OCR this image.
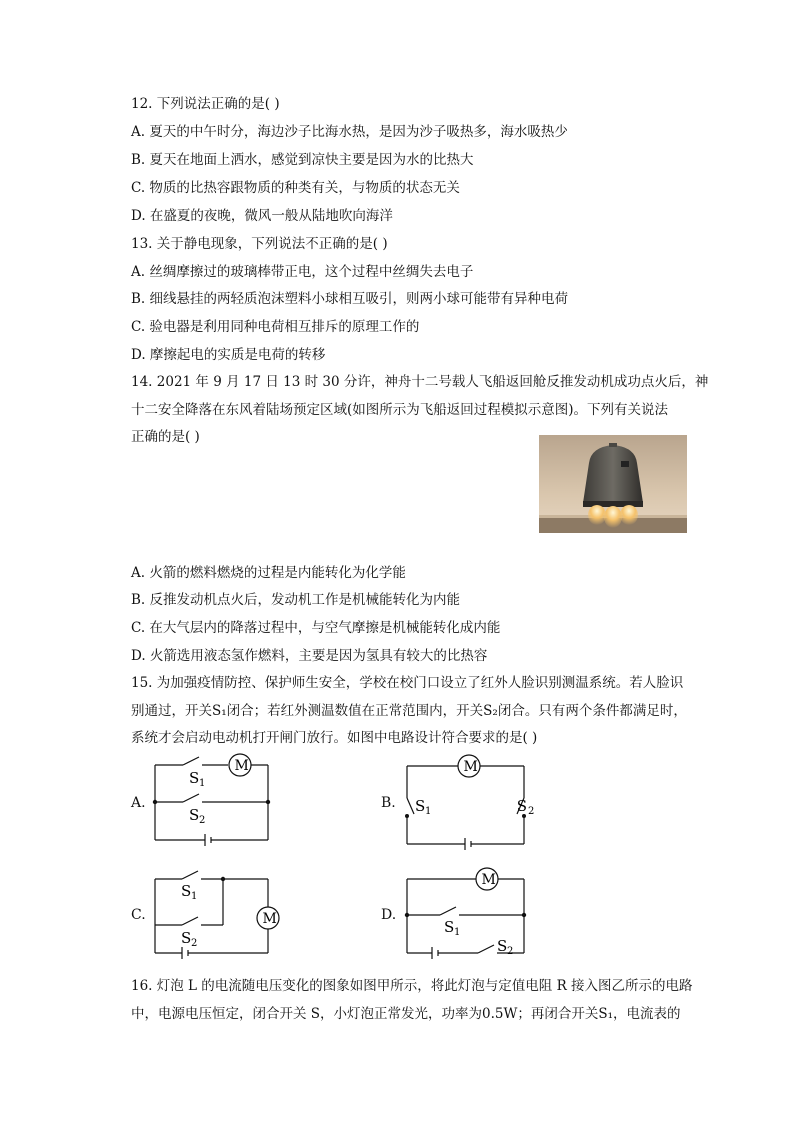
12. 下列说法正确的是( )
A. 夏天的中午时分，海边沙子比海水热，是因为沙子吸热多，海水吸热少
B. 夏天在地面上洒水，感觉到凉快主要是因为水的比热大
C. 物质的比热容跟物质的种类有关，与物质的状态无关
D. 在盛夏的夜晚，微风一般从陆地吹向海洋
13. 关于静电现象，下列说法不正确的是( )
A. 丝绸摩擦过的玻璃棒带正电，这个过程中丝绸失去电子
B. 细线悬挂的两轻质泡沫塑料小球相互吸引，则两小球可能带有异种电荷
C. 验电器是利用同种电荷相互排斥的原理工作的
D. 摩擦起电的实质是电荷的转移
14. 2021 年 9 月 17 日 13 时 30 分许，神舟十二号载人飞船返回舱反推发动机成功点火后，神
十二安全降落在东风着陆场预定区域(如图所示为飞船返回过程模拟示意图)。下列有关说法
正确的是( )
A. 火箭的燃料燃烧的过程是内能转化为化学能
B. 反推发动机点火后，发动机工作是机械能转化为内能
C. 在大气层内的降落过程中，与空气摩擦是机械能转化成内能
D. 火箭选用液态氢作燃料，主要是因为氢具有较大的比热容
15. 为加强疫情防控、保护师生安全，学校在校门口设立了红外人脸识别测温系统。若人脸识
别通过，开关S₁闭合；若红外测温数值在正常范围内，开关S₂闭合。只有两个条件都满足时，
系统才会启动电动机打开闸门放行。如图中电路设计符合要求的是( )
A.
M
S 1
S 2
B.
M
S 1	S 2
C.	M
S 1
S 2
D.
M
S 1
S 2
16. 灯泡 L 的电流随电压变化的图象如图甲所示，将此灯泡与定值电阻 R 接入图乙所示的电路
中，电源电压恒定，闭合开关 S，小灯泡正常发光，功率为0.5W；再闭合开关S₁，电流表的
